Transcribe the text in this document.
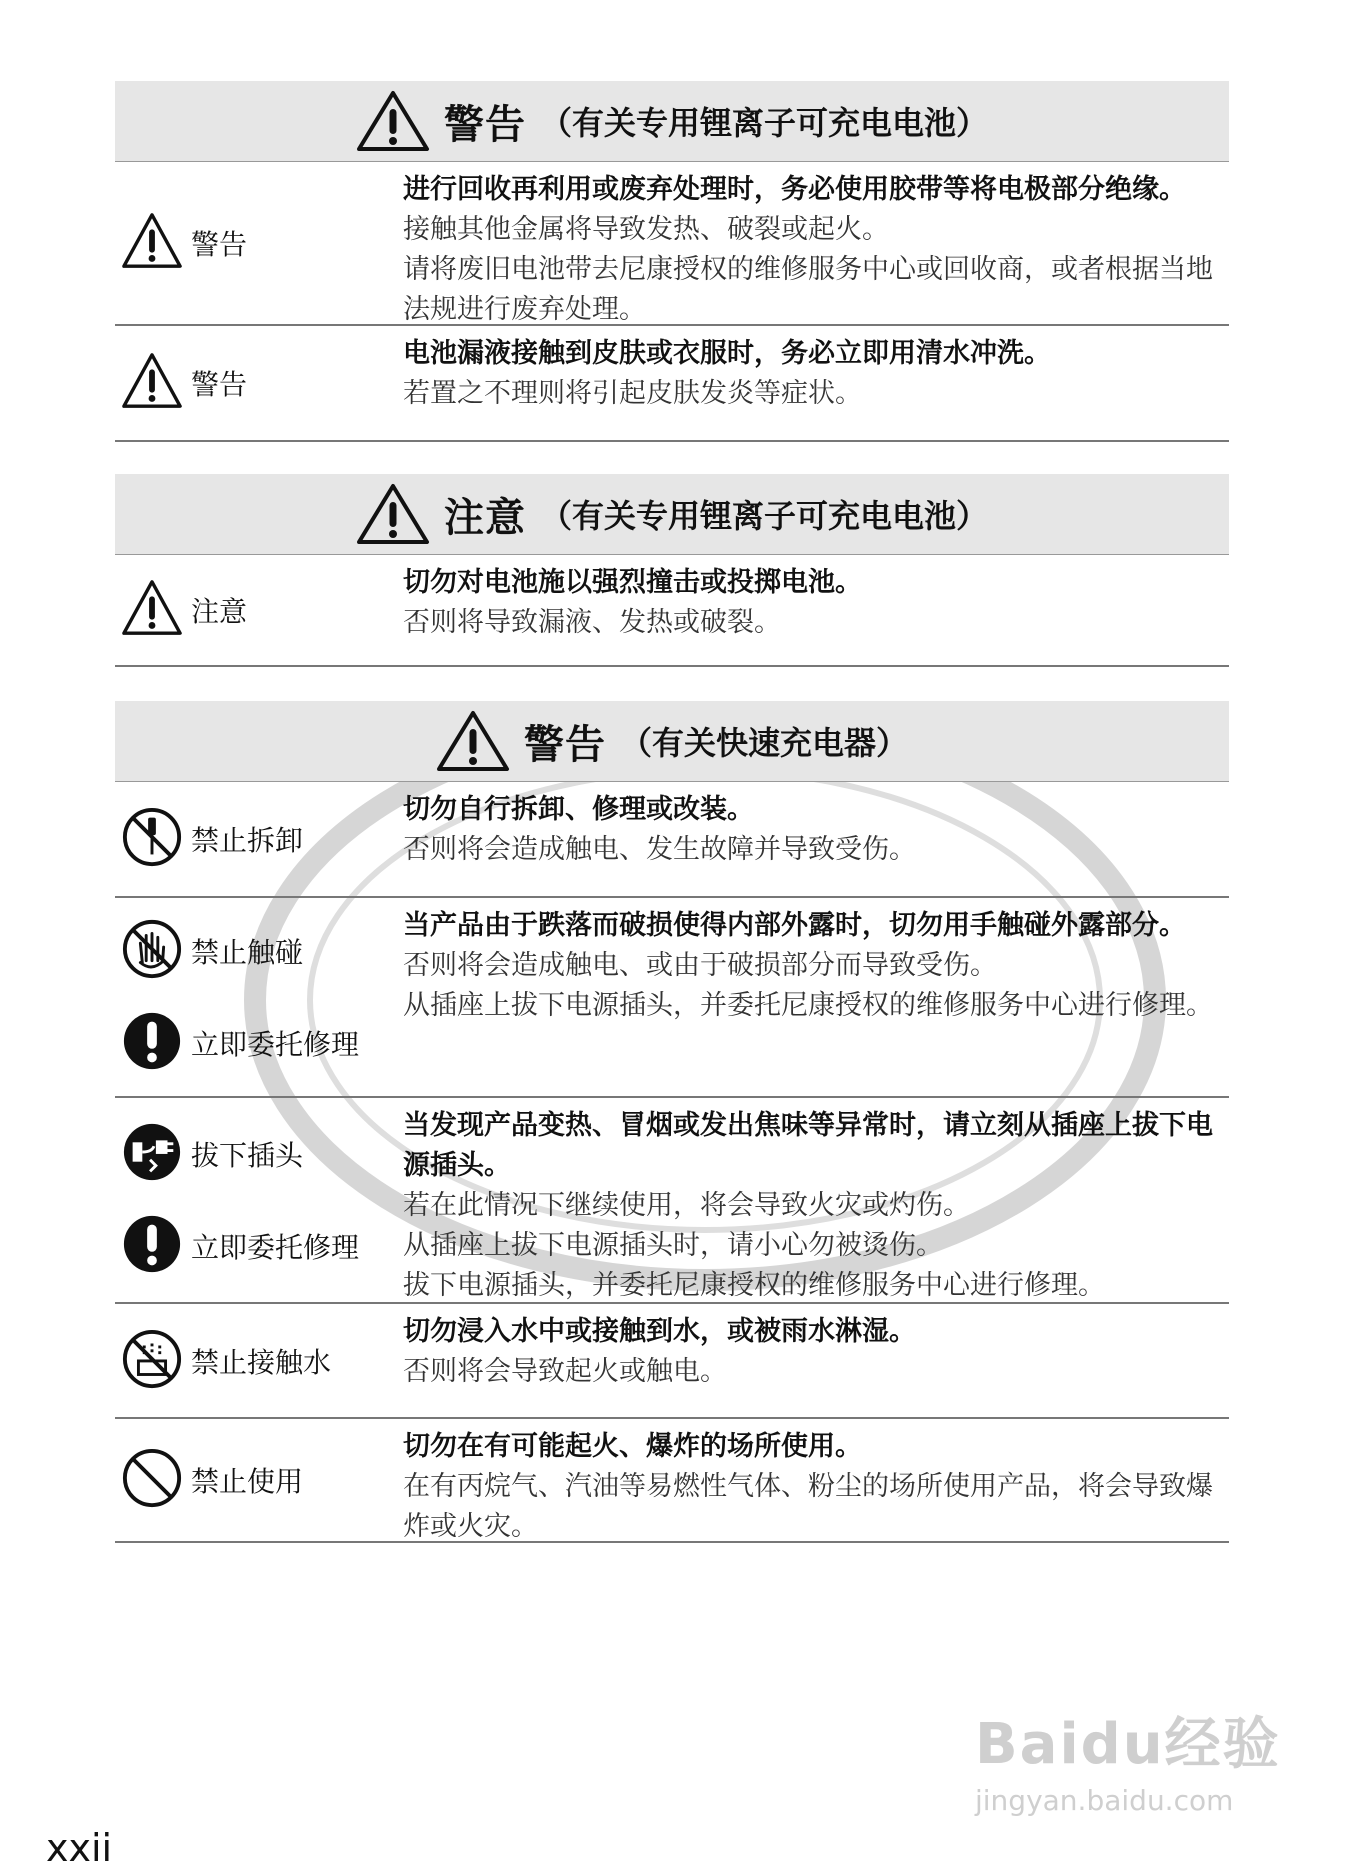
警告 （有关专用锂离子可充电电池）
警告
进行回收再利用或废弃处理时，务必使用胶带等将电极部分绝缘。
接触其他金属将导致发热、破裂或起火。
请将废旧电池带去尼康授权的维修服务中心或回收商，或者根据当地法规进行废弃处理。
警告
电池漏液接触到皮肤或衣服时，务必立即用清水冲洗。
若置之不理则将引起皮肤发炎等症状。
注意 （有关专用锂离子可充电电池）
注意
切勿对电池施以强烈撞击或投掷电池。
否则将导致漏液、发热或破裂。
警告 （有关快速充电器）
禁止拆卸
切勿自行拆卸、修理或改装。
否则将会造成触电、发生故障并导致受伤。
禁止触碰
立即委托修理
当产品由于跌落而破损使得内部外露时，切勿用手触碰外露部分。
否则将会造成触电、或由于破损部分而导致受伤。
从插座上拔下电源插头，并委托尼康授权的维修服务中心进行修理。
拔下插头
立即委托修理
当发现产品变热、冒烟或发出焦味等异常时，请立刻从插座上拔下电源插头。
若在此情况下继续使用，将会导致火灾或灼伤。
从插座上拔下电源插头时，请小心勿被烫伤。
拔下电源插头，并委托尼康授权的维修服务中心进行修理。
禁止接触水
切勿浸入水中或接触到水，或被雨水淋湿。
否则将会导致起火或触电。
禁止使用
切勿在有可能起火、爆炸的场所使用。
在有丙烷气、汽油等易燃性气体、粉尘的场所使用产品，将会导致爆炸或火灾。
xxii
Baidu经验
jingyan.baidu.com
